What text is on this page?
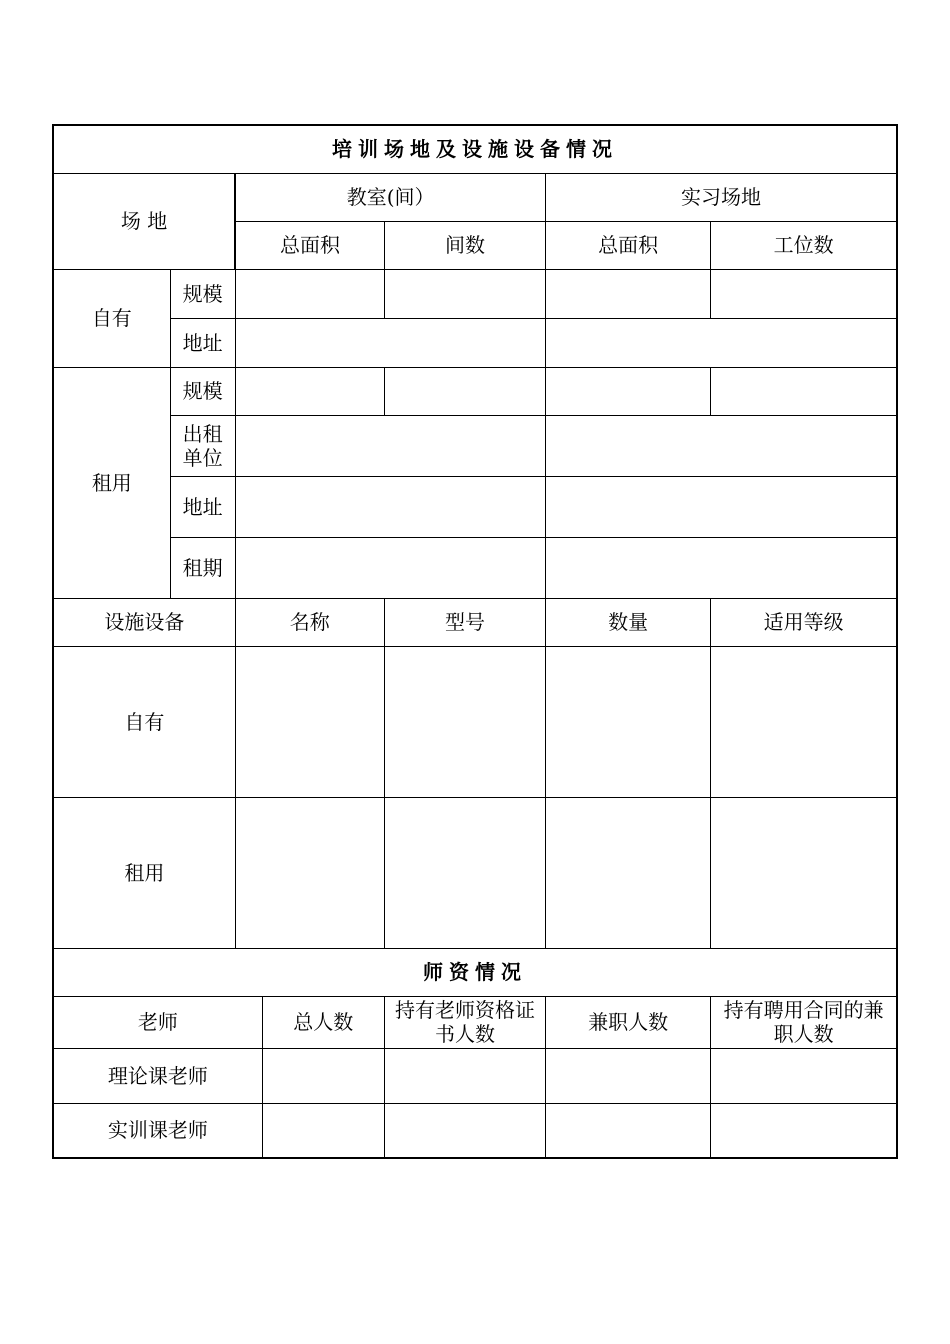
培训场地及设施设备情况						
场 地		教室(间）			实习场地	
		总面积		间数	总面积	工位数
自有	规模					
	地址					
租用	规模					
	出租单位					
	地址					
	租期					
设施设备		名称		型号	数量	适用等级
自有						
租用						
师资情况						
老师			总人数	持有老师资格证书人数	兼职人数	持有聘用合同的兼职人数
理论课老师						
实训课老师						
